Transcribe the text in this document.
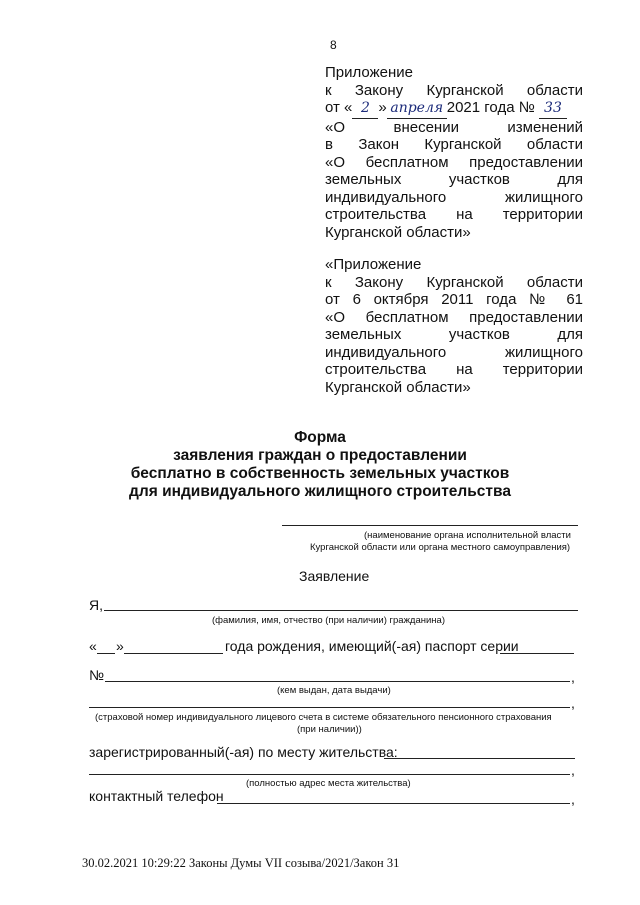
8
Приложение
к Закону Курганской области
от « 2 » апреля 2021 года № 33
«О	внесении	изменений
в Закон Курганской области
«О бесплатном предоставлении
земельных	участков	для
индивидуального	жилищного
строительства на территории
Курганской области»
«Приложение
к Закону Курганской области
от 6 октября 2011 года № 61
«О бесплатном предоставлении
земельных	участков	для
индивидуального	жилищного
строительства на территории
Курганской области»
Форма
заявления граждан о предоставлении
бесплатно в собственность земельных участков
для индивидуального жилищного строительства
(наименование органа исполнительной власти
Курганской области или органа местного самоуправления)
Заявление
Я,
(фамилия, имя, отчество (при наличии) гражданина)
« »	года рождения, имеющий(-ая) паспорт серии
№	,
(кем выдан, дата выдачи)
,
(страховой номер индивидуального лицевого счета в системе обязательного пенсионного страхования
(при наличии))
зарегистрированный(-ая) по месту жительства:
,
(полностью адрес места жительства)
контактный телефон	,
30.02.2021 10:29:22 Законы Думы VII созыва/2021/Закон 31
